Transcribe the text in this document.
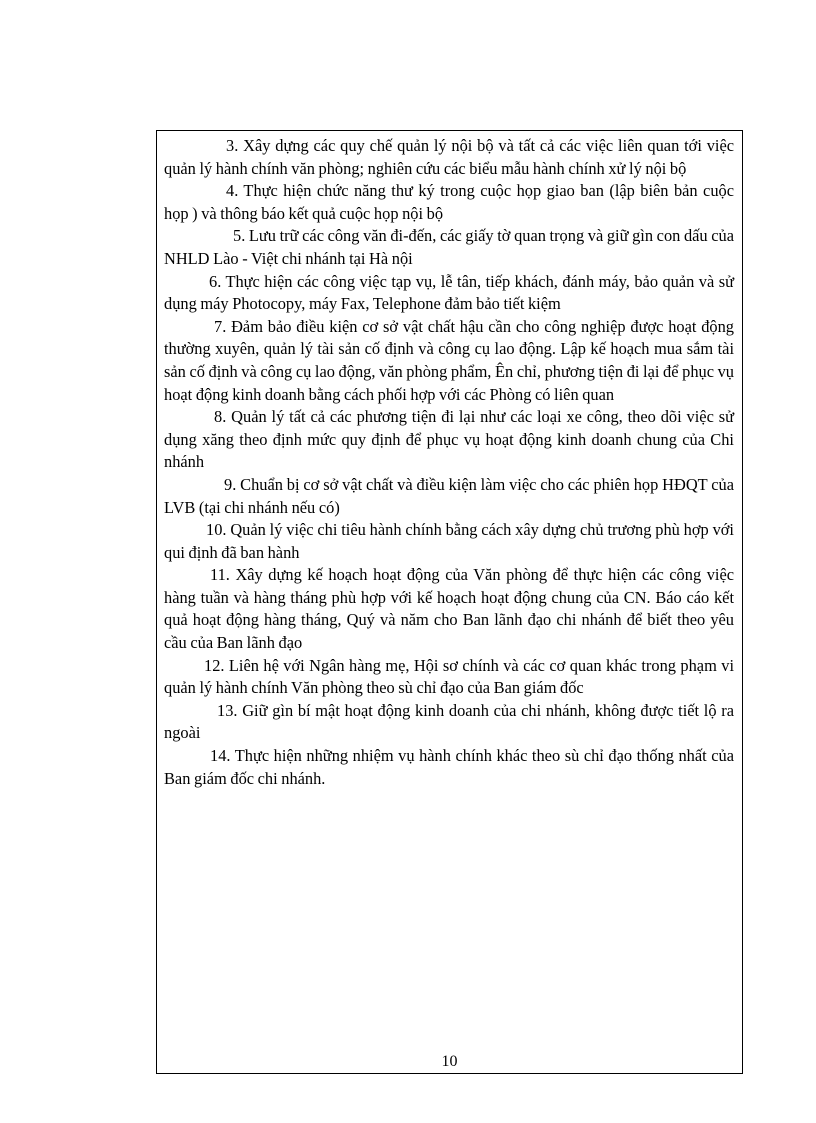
3. Xây dựng các quy chế quản lý nội bộ và tất cả các việc liên quan tới việc quản lý hành chính văn phòng; nghiên cứu các biểu mẫu hành chính xử lý nội bộ

4. Thực hiện chức năng thư ký trong cuộc họp giao ban (lập biên bản cuộc họp ) và thông báo kết quả cuộc họp nội bộ

5. Lưu trữ các công văn đi-đến, các giấy tờ quan trọng và giữ gìn con dấu của NHLD Lào - Việt chi nhánh tại Hà nội

6. Thực hiện các công việc tạp vụ, lễ tân, tiếp khách, đánh máy, bảo quản và sử dụng máy Photocopy, máy Fax, Telephone đảm bảo tiết kiệm

7. Đảm bảo điều kiện cơ sở vật chất hậu cần cho công nghiệp được hoạt động thường xuyên, quản lý tài sản cố định và công cụ lao động. Lập kế hoạch mua sắm tài sản cố định và công cụ lao động, văn phòng phẩm, Ên chỉ, phương tiện đi lại để phục vụ hoạt động kinh doanh bằng cách phối hợp với các Phòng có liên quan

8. Quản lý tất cả các phương tiện đi lại như các loại xe công, theo dõi việc sử dụng xăng theo định mức quy định để phục vụ hoạt động kinh doanh chung của Chi nhánh

9. Chuẩn bị cơ sở vật chất và điều kiện làm việc cho các phiên họp HĐQT của LVB (tại chi nhánh nếu có)

10. Quản lý việc chi tiêu hành chính bằng cách xây dựng chủ trương phù hợp với qui định đã ban hành

11. Xây dựng kế hoạch hoạt động của Văn phòng để thực hiện các công việc hàng tuần và hàng tháng phù hợp với kế hoạch hoạt động chung của CN. Báo cáo kết quả hoạt động hàng tháng, Quý và năm cho Ban lãnh đạo chi nhánh để biết theo yêu cầu của Ban lãnh đạo

12. Liên hệ với Ngân hàng mẹ, Hội sơ chính và các cơ quan khác trong phạm vi quản lý hành chính Văn phòng theo sù chỉ đạo của Ban giám đốc

13. Giữ gìn bí mật hoạt động kinh doanh của chi nhánh, không được tiết lộ ra ngoài

14. Thực hiện những nhiệm vụ hành chính khác theo sù chỉ đạo thống nhất của Ban giám đốc chi nhánh.

10
